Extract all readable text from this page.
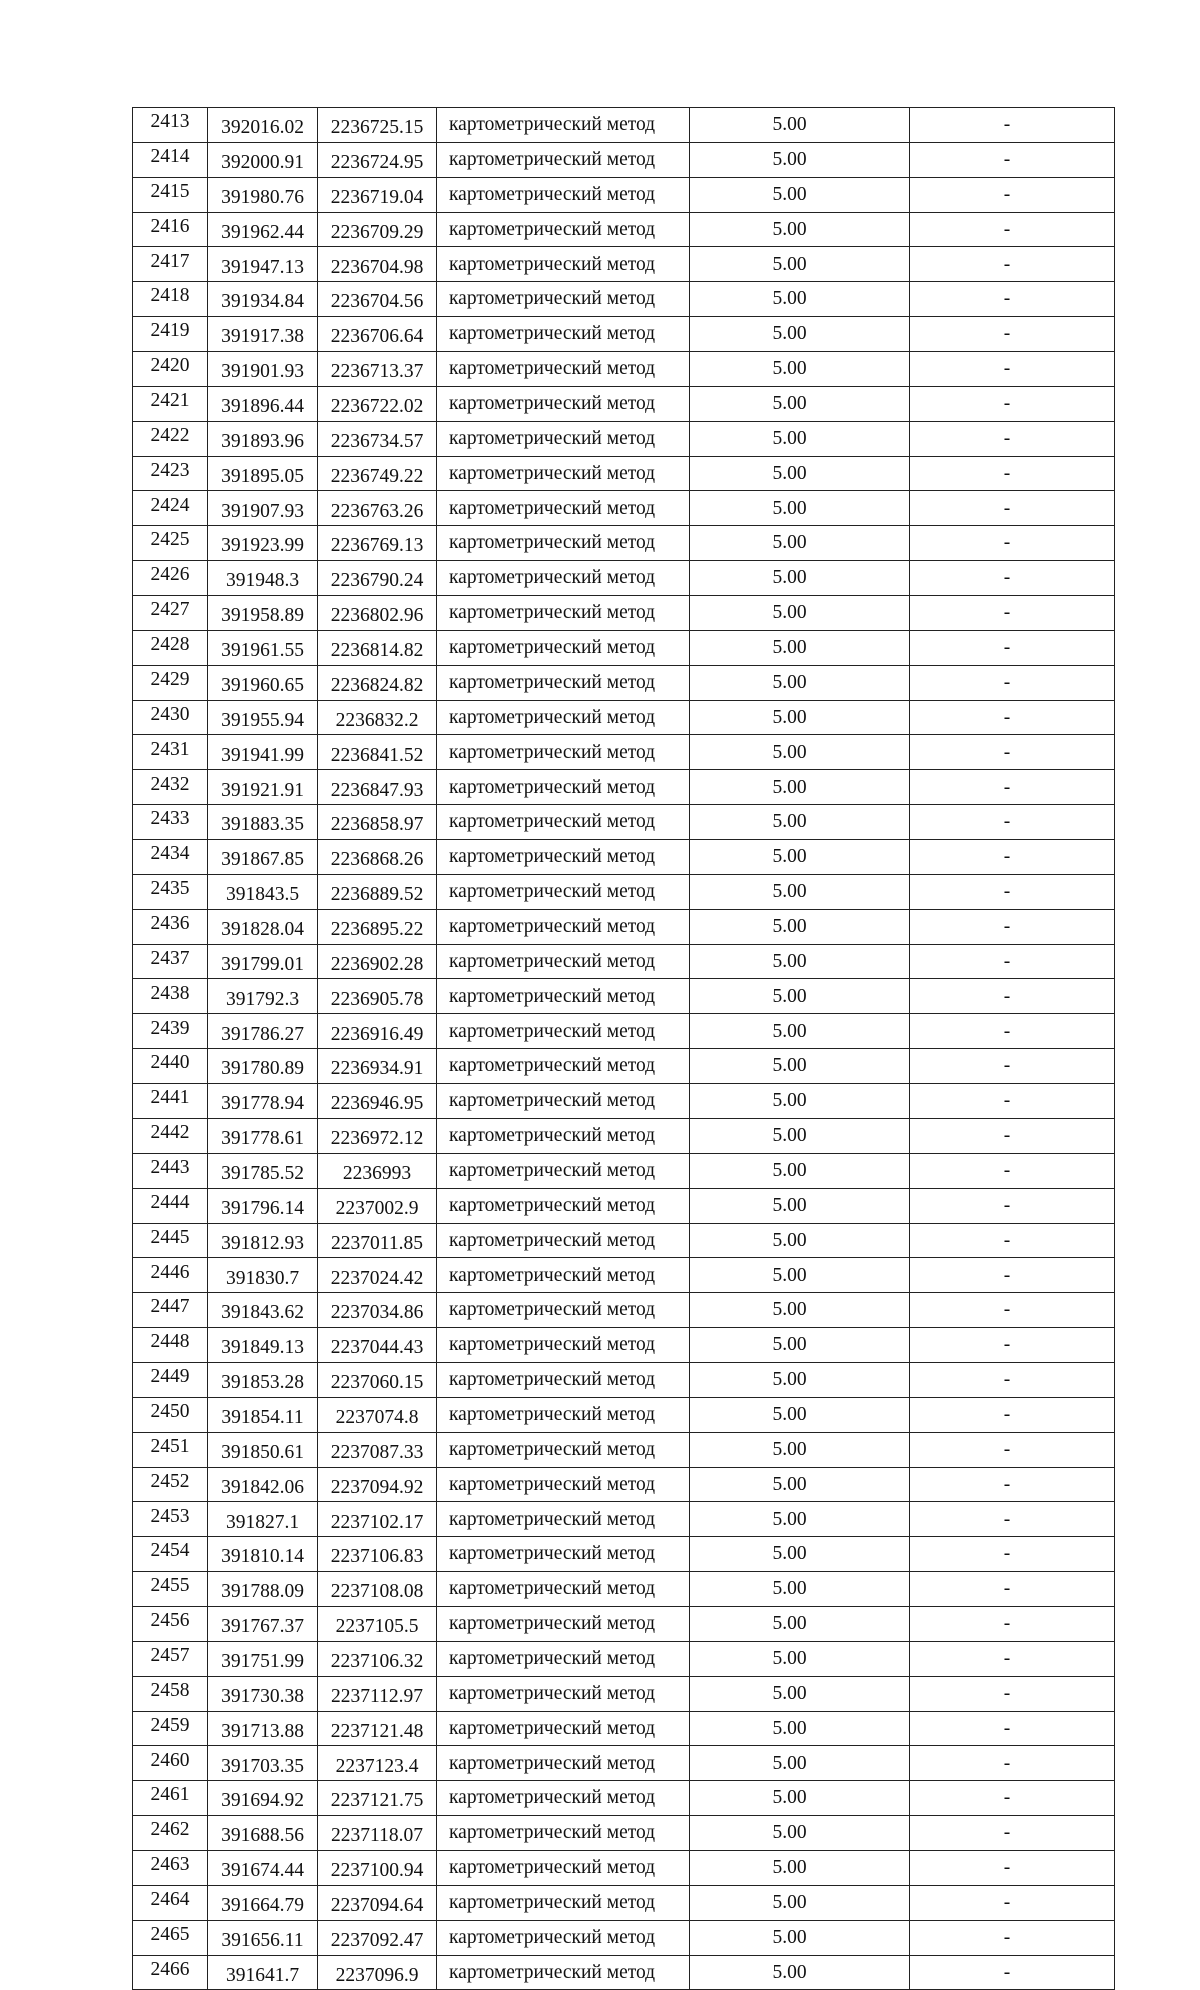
2413	392016.02	2236725.15	картометрический метод	5.00	-
2414	392000.91	2236724.95	картометрический метод	5.00	-
2415	391980.76	2236719.04	картометрический метод	5.00	-
2416	391962.44	2236709.29	картометрический метод	5.00	-
2417	391947.13	2236704.98	картометрический метод	5.00	-
2418	391934.84	2236704.56	картометрический метод	5.00	-
2419	391917.38	2236706.64	картометрический метод	5.00	-
2420	391901.93	2236713.37	картометрический метод	5.00	-
2421	391896.44	2236722.02	картометрический метод	5.00	-
2422	391893.96	2236734.57	картометрический метод	5.00	-
2423	391895.05	2236749.22	картометрический метод	5.00	-
2424	391907.93	2236763.26	картометрический метод	5.00	-
2425	391923.99	2236769.13	картометрический метод	5.00	-
2426	391948.3	2236790.24	картометрический метод	5.00	-
2427	391958.89	2236802.96	картометрический метод	5.00	-
2428	391961.55	2236814.82	картометрический метод	5.00	-
2429	391960.65	2236824.82	картометрический метод	5.00	-
2430	391955.94	2236832.2	картометрический метод	5.00	-
2431	391941.99	2236841.52	картометрический метод	5.00	-
2432	391921.91	2236847.93	картометрический метод	5.00	-
2433	391883.35	2236858.97	картометрический метод	5.00	-
2434	391867.85	2236868.26	картометрический метод	5.00	-
2435	391843.5	2236889.52	картометрический метод	5.00	-
2436	391828.04	2236895.22	картометрический метод	5.00	-
2437	391799.01	2236902.28	картометрический метод	5.00	-
2438	391792.3	2236905.78	картометрический метод	5.00	-
2439	391786.27	2236916.49	картометрический метод	5.00	-
2440	391780.89	2236934.91	картометрический метод	5.00	-
2441	391778.94	2236946.95	картометрический метод	5.00	-
2442	391778.61	2236972.12	картометрический метод	5.00	-
2443	391785.52	2236993	картометрический метод	5.00	-
2444	391796.14	2237002.9	картометрический метод	5.00	-
2445	391812.93	2237011.85	картометрический метод	5.00	-
2446	391830.7	2237024.42	картометрический метод	5.00	-
2447	391843.62	2237034.86	картометрический метод	5.00	-
2448	391849.13	2237044.43	картометрический метод	5.00	-
2449	391853.28	2237060.15	картометрический метод	5.00	-
2450	391854.11	2237074.8	картометрический метод	5.00	-
2451	391850.61	2237087.33	картометрический метод	5.00	-
2452	391842.06	2237094.92	картометрический метод	5.00	-
2453	391827.1	2237102.17	картометрический метод	5.00	-
2454	391810.14	2237106.83	картометрический метод	5.00	-
2455	391788.09	2237108.08	картометрический метод	5.00	-
2456	391767.37	2237105.5	картометрический метод	5.00	-
2457	391751.99	2237106.32	картометрический метод	5.00	-
2458	391730.38	2237112.97	картометрический метод	5.00	-
2459	391713.88	2237121.48	картометрический метод	5.00	-
2460	391703.35	2237123.4	картометрический метод	5.00	-
2461	391694.92	2237121.75	картометрический метод	5.00	-
2462	391688.56	2237118.07	картометрический метод	5.00	-
2463	391674.44	2237100.94	картометрический метод	5.00	-
2464	391664.79	2237094.64	картометрический метод	5.00	-
2465	391656.11	2237092.47	картометрический метод	5.00	-
2466	391641.7	2237096.9	картометрический метод	5.00	-
